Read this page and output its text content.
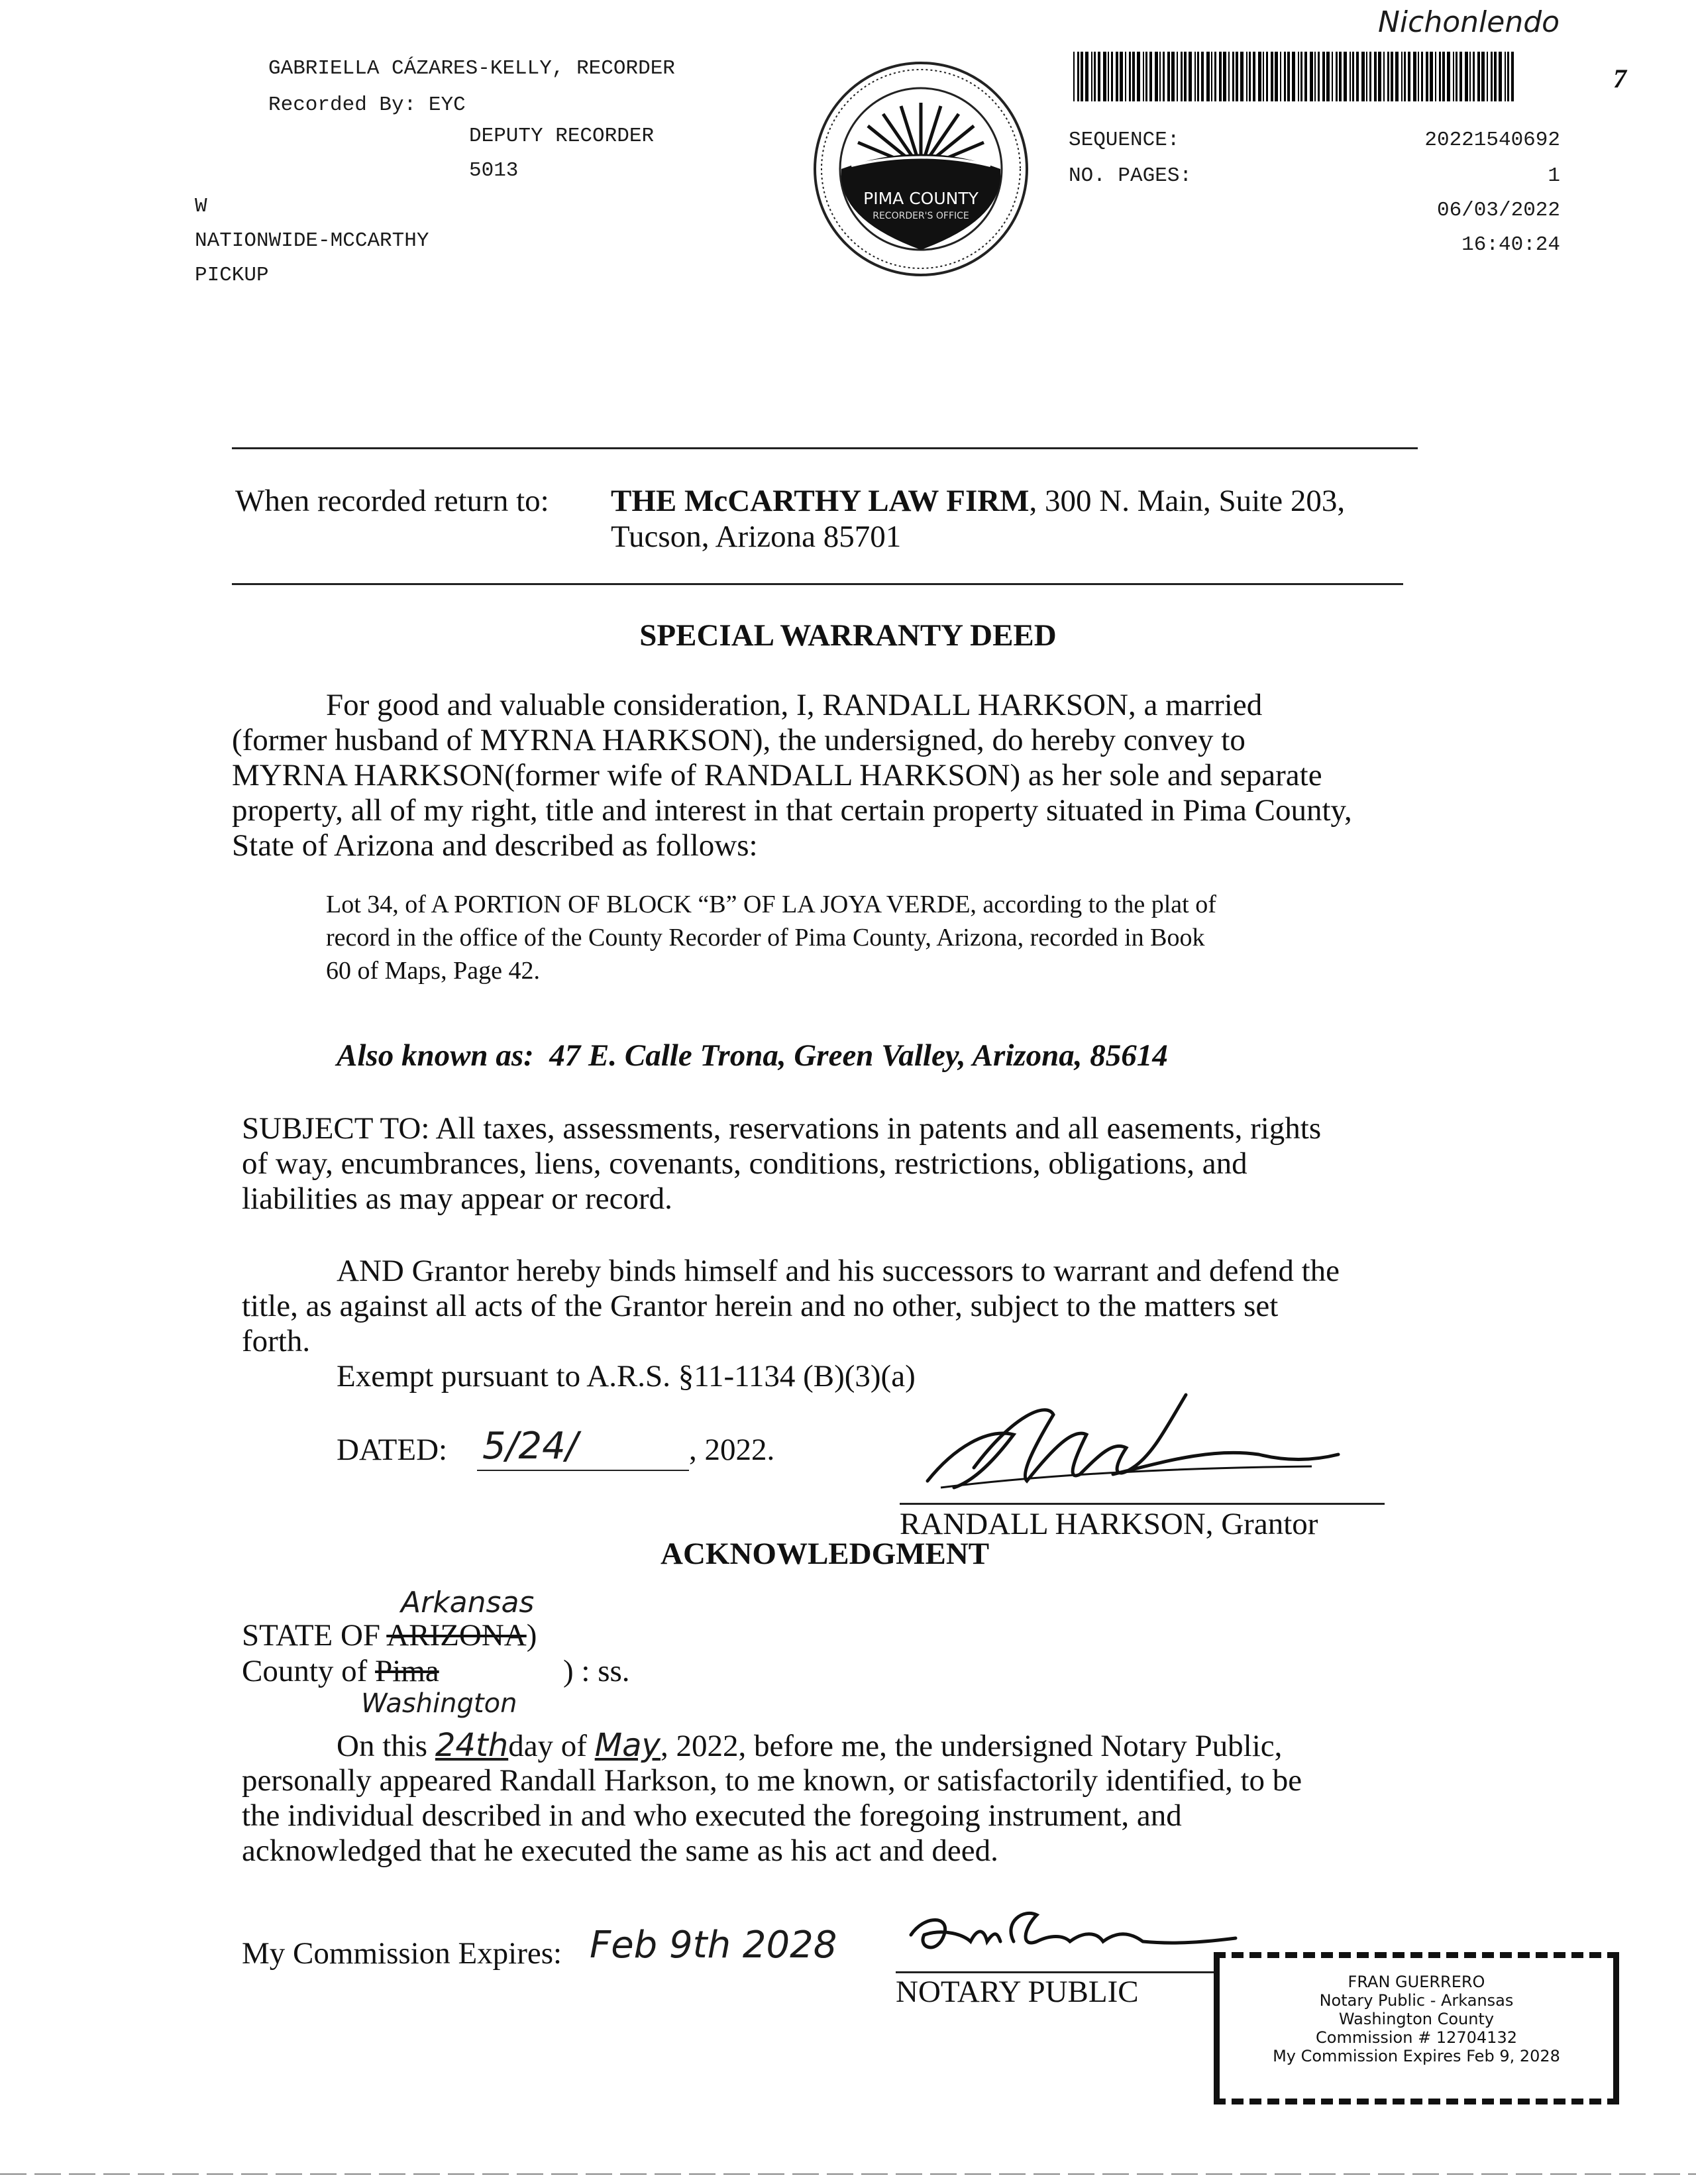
GABRIELLA CÁZARES-KELLY, RECORDER
Recorded By: EYC
DEPUTY RECORDER
5013
W
NATIONWIDE-MCCARTHY
PICKUP
PIMA COUNTY
RECORDER'S OFFICE
Nichonlendo
7
SEQUENCE:	20221540692
NO. PAGES:	1
06/03/2022
16:40:24
When recorded return to: THE McCARTHY LAW FIRM, 300 N. Main, Suite 203,
Tucson, Arizona 85701
SPECIAL WARRANTY DEED
For good and valuable consideration, I, RANDALL HARKSON, a married
(former husband of MYRNA HARKSON), the undersigned, do hereby convey to
MYRNA HARKSON(former wife of RANDALL HARKSON) as her sole and separate
property, all of my right, title and interest in that certain property situated in Pima County,
State of Arizona and described as follows:
Lot 34, of A PORTION OF BLOCK “B” OF LA JOYA VERDE, according to the plat of
record in the office of the County Recorder of Pima County, Arizona, recorded in Book
60 of Maps, Page 42.
Also known as: 47 E. Calle Trona, Green Valley, Arizona, 85614
SUBJECT TO: All taxes, assessments, reservations in patents and all easements, rights
of way, encumbrances, liens, covenants, conditions, restrictions, obligations, and
liabilities as may appear or record.
AND Grantor hereby binds himself and his successors to warrant and defend the
title, as against all acts of the Grantor herein and no other, subject to the matters set
forth.
Exempt pursuant to A.R.S. §11-1134 (B)(3)(a)
DATED: 5/24/	, 2022.
RANDALL HARKSON, Grantor
ACKNOWLEDGMENT
Arkansas
STATE OF ARIZONA)
County of Pima	) : ss.
Washington
On this 24thday of May, 2022, before me, the undersigned Notary Public,
personally appeared Randall Harkson, to me known, or satisfactorily identified, to be
the individual described in and who executed the foregoing instrument, and
acknowledged that he executed the same as his act and deed.
My Commission Expires: Feb 9th 2028
NOTARY PUBLIC	FRAN GUERRERO
Notary Public - Arkansas
Washington County
Commission # 12704132
My Commission Expires Feb 9, 2028
